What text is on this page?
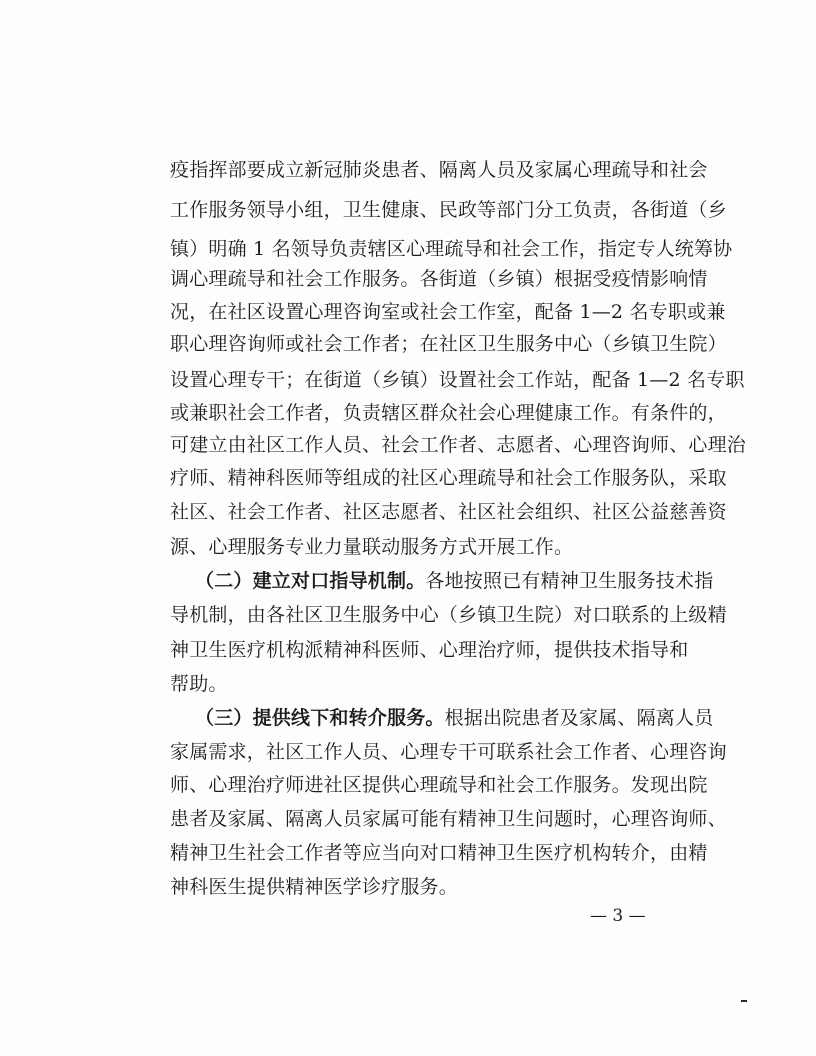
疫指挥部要成立新冠肺炎患者、隔离人员及家属心理疏导和社会
工作服务领导小组，卫生健康、民政等部门分工负责，各街道（乡
镇）明确 1 名领导负责辖区心理疏导和社会工作，指定专人统筹协
调心理疏导和社会工作服务。各街道（乡镇）根据受疫情影响情
况，在社区设置心理咨询室或社会工作室，配备 1—2 名专职或兼
职心理咨询师或社会工作者；在社区卫生服务中心（乡镇卫生院）
设置心理专干；在街道（乡镇）设置社会工作站，配备 1—2 名专职
或兼职社会工作者，负责辖区群众社会心理健康工作。有条件的，
可建立由社区工作人员、社会工作者、志愿者、心理咨询师、心理治
疗师、精神科医师等组成的社区心理疏导和社会工作服务队，采取
社区、社会工作者、社区志愿者、社区社会组织、社区公益慈善资
源、心理服务专业力量联动服务方式开展工作。
（二）建立对口指导机制。各地按照已有精神卫生服务技术指
导机制，由各社区卫生服务中心（乡镇卫生院）对口联系的上级精
神卫生医疗机构派精神科医师、心理治疗师，提供技术指导和
帮助。
（三）提供线下和转介服务。根据出院患者及家属、隔离人员
家属需求，社区工作人员、心理专干可联系社会工作者、心理咨询
师、心理治疗师进社区提供心理疏导和社会工作服务。发现出院
患者及家属、隔离人员家属可能有精神卫生问题时，心理咨询师、
精神卫生社会工作者等应当向对口精神卫生医疗机构转介，由精
神科医生提供精神医学诊疗服务。
— 3 —
